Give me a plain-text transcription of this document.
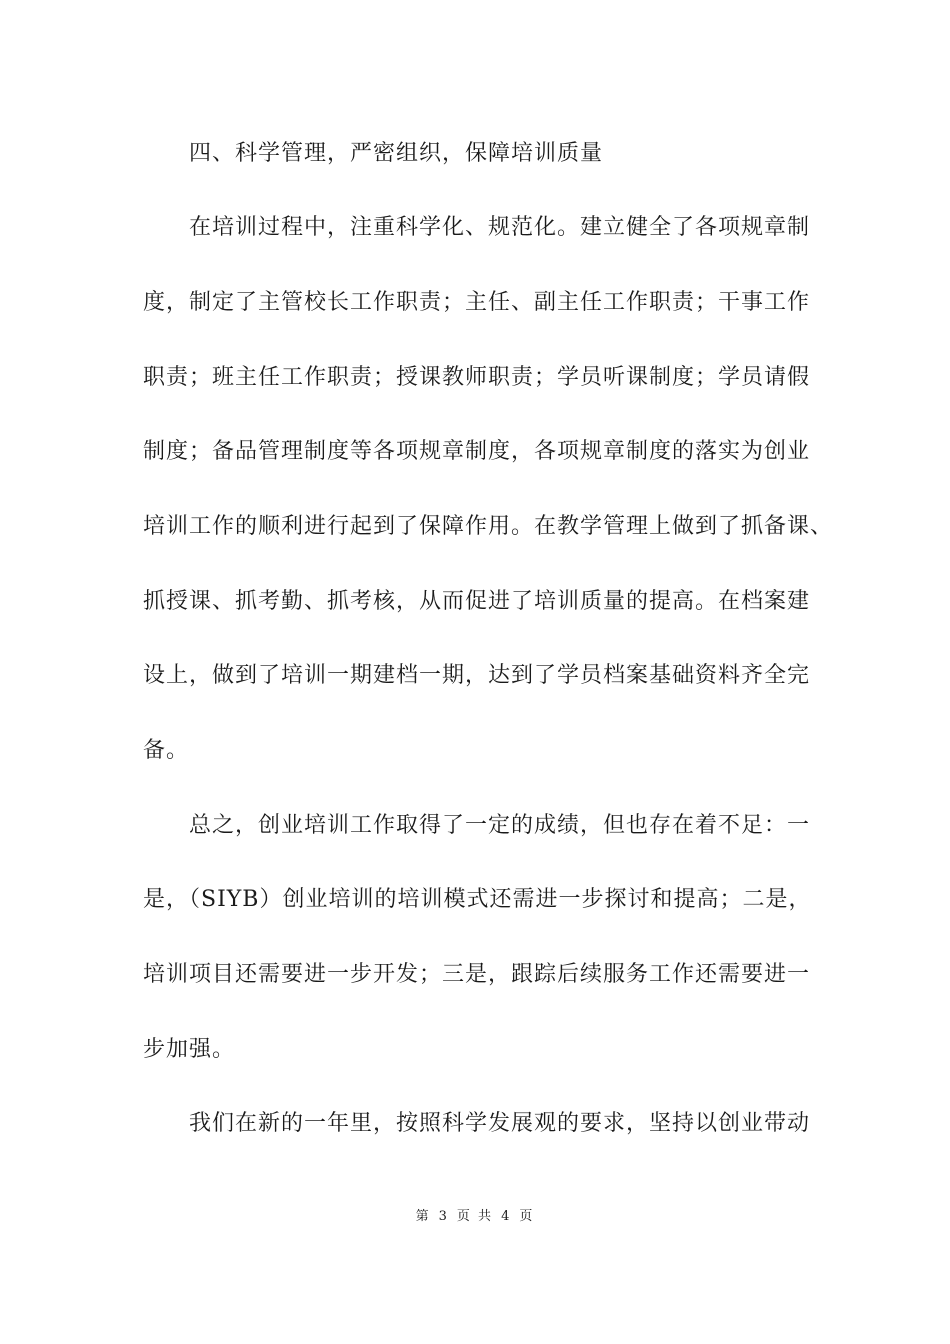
四、科学管理，严密组织，保障培训质量
在培训过程中，注重科学化、规范化。建立健全了各项规章制
度，制定了主管校长工作职责；主任、副主任工作职责；干事工作
职责；班主任工作职责；授课教师职责；学员听课制度；学员请假
制度；备品管理制度等各项规章制度，各项规章制度的落实为创业
培训工作的顺利进行起到了保障作用。在教学管理上做到了抓备课、
抓授课、抓考勤、抓考核，从而促进了培训质量的提高。在档案建
设上，做到了培训一期建档一期，达到了学员档案基础资料齐全完
备。
总之，创业培训工作取得了一定的成绩，但也存在着不足：一
是，（SIYB）创业培训的培训模式还需进一步探讨和提高；二是，
培训项目还需要进一步开发；三是，跟踪后续服务工作还需要进一
步加强。
我们在新的一年里，按照科学发展观的要求，坚持以创业带动
第 3 页 共 4 页
